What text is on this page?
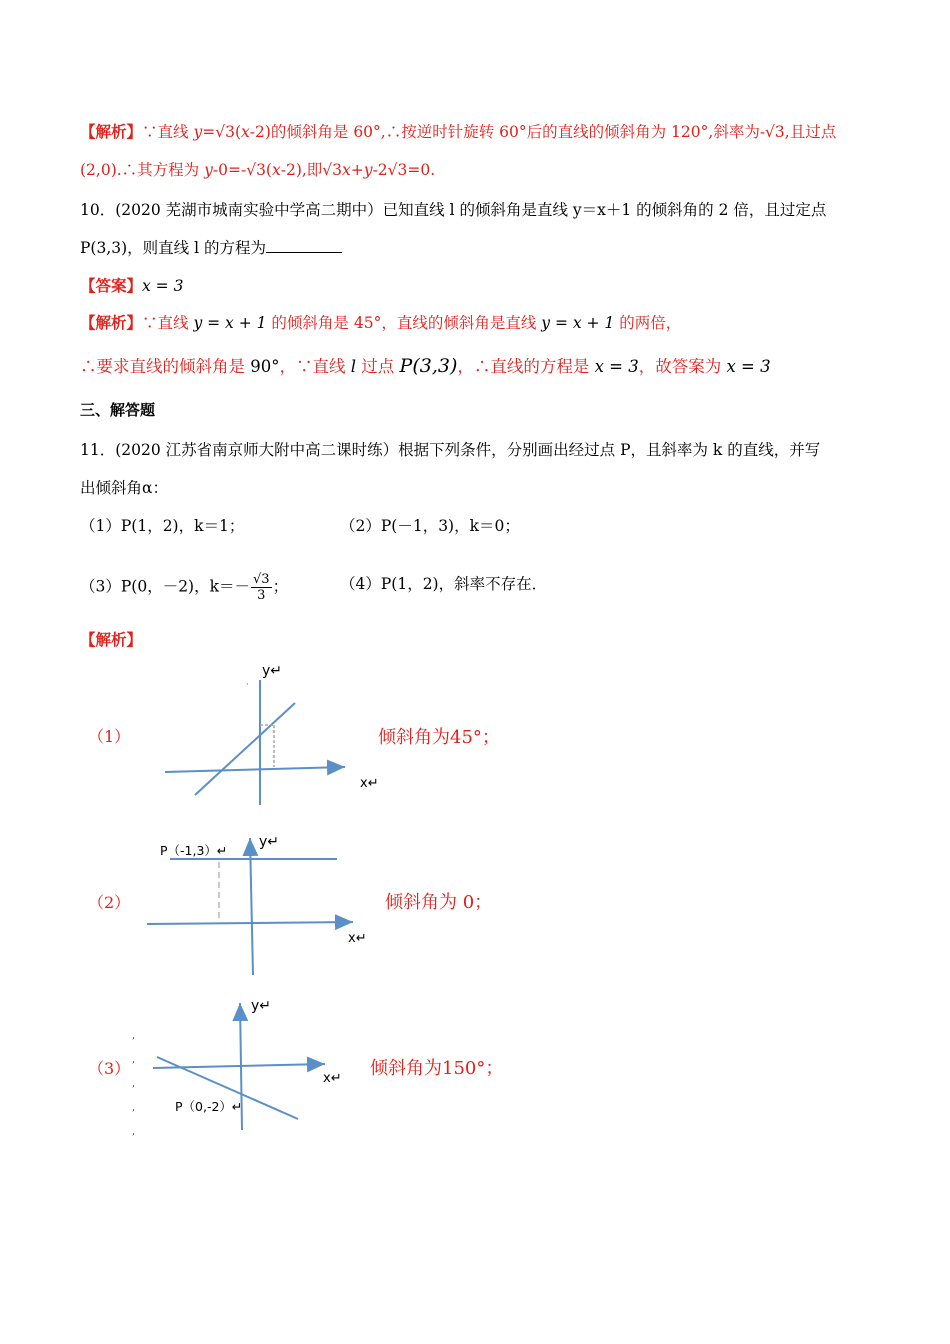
【解析】∵直线 y=√3(x-2)的倾斜角是 60°,∴按逆时针旋转 60°后的直线的倾斜角为 120°,斜率为-√3,且过点
(2,0).∴其方程为 y-0=-√3(x-2),即√3x+y-2√3=0.
10．(2020 芜湖市城南实验中学高二期中）已知直线 l 的倾斜角是直线 y＝x＋1 的倾斜角的 2 倍，且过定点
P(3,3)，则直线 l 的方程为
【答案】x = 3
【解析】∵直线 y = x + 1 的倾斜角是 45°，直线的倾斜角是直线 y = x + 1 的两倍，
∴要求直线的倾斜角是 90°，∵直线 l 过点 P(3,3)，∴直线的方程是 x = 3，故答案为 x = 3
三、解答题
11．(2020 江苏省南京师大附中高二课时练）根据下列条件，分别画出经过点 P，且斜率为 k 的直线，并写
出倾斜角α：
（1）P(1，2)，k＝1；	（2）P(－1，3)，k＝0；
（3）P(0，－2)，$k=- \frac{√3}{3}$ ；	（4）P(1，2)，斜率不存在．
【解析】
（1）
·
y↵
x↵
倾斜角为45°；
（2）
P（-1,3）↵
y↵
x↵
倾斜角为 0；
（3）
,
,
,
,
,
P（0,-2）↵
y↵
x↵ 倾斜角为150°；
